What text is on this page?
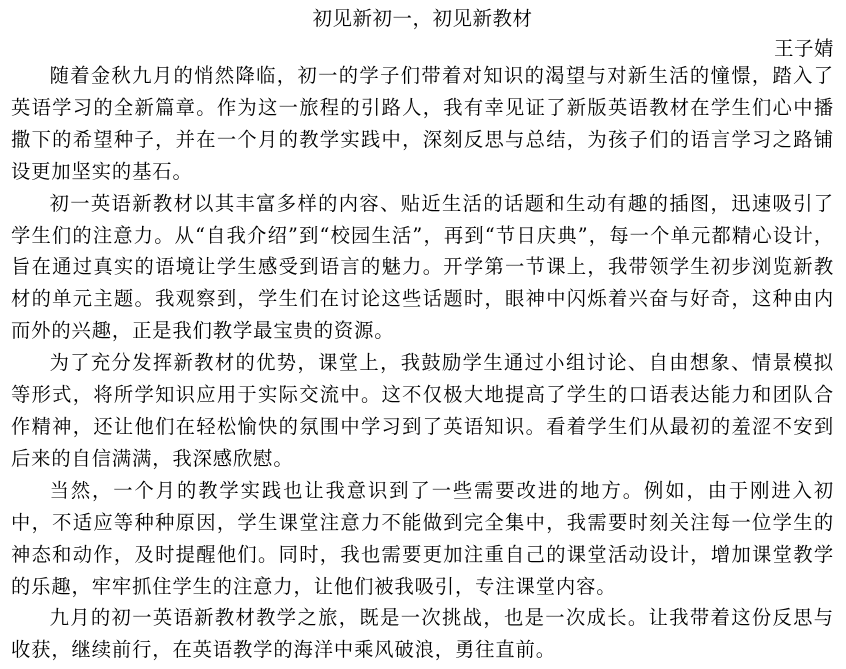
初见新初一，初见新教材

王子婧

随着金秋九月的悄然降临，初一的学子们带着对知识的渴望与对新生活的憧憬，踏入了英语学习的全新篇章。作为这一旅程的引路人，我有幸见证了新版英语教材在学生们心中播撒下的希望种子，并在一个月的教学实践中，深刻反思与总结，为孩子们的语言学习之路铺设更加坚实的基石。

初一英语新教材以其丰富多样的内容、贴近生活的话题和生动有趣的插图，迅速吸引了学生们的注意力。从“自我介绍”到“校园生活”，再到“节日庆典”，每一个单元都精心设计，旨在通过真实的语境让学生感受到语言的魅力。开学第一节课上，我带领学生初步浏览新教材的单元主题。我观察到，学生们在讨论这些话题时，眼神中闪烁着兴奋与好奇，这种由内而外的兴趣，正是我们教学最宝贵的资源。

为了充分发挥新教材的优势，课堂上，我鼓励学生通过小组讨论、自由想象、情景模拟等形式，将所学知识应用于实际交流中。这不仅极大地提高了学生的口语表达能力和团队合作精神，还让他们在轻松愉快的氛围中学习到了英语知识。看着学生们从最初的羞涩不安到后来的自信满满，我深感欣慰。

当然，一个月的教学实践也让我意识到了一些需要改进的地方。例如，由于刚进入初中，不适应等种种原因，学生课堂注意力不能做到完全集中，我需要时刻关注每一位学生的神态和动作，及时提醒他们。同时，我也需要更加注重自己的课堂活动设计，增加课堂教学的乐趣，牢牢抓住学生的注意力，让他们被我吸引，专注课堂内容。

九月的初一英语新教材教学之旅，既是一次挑战，也是一次成长。让我带着这份反思与收获，继续前行，在英语教学的海洋中乘风破浪，勇往直前。
